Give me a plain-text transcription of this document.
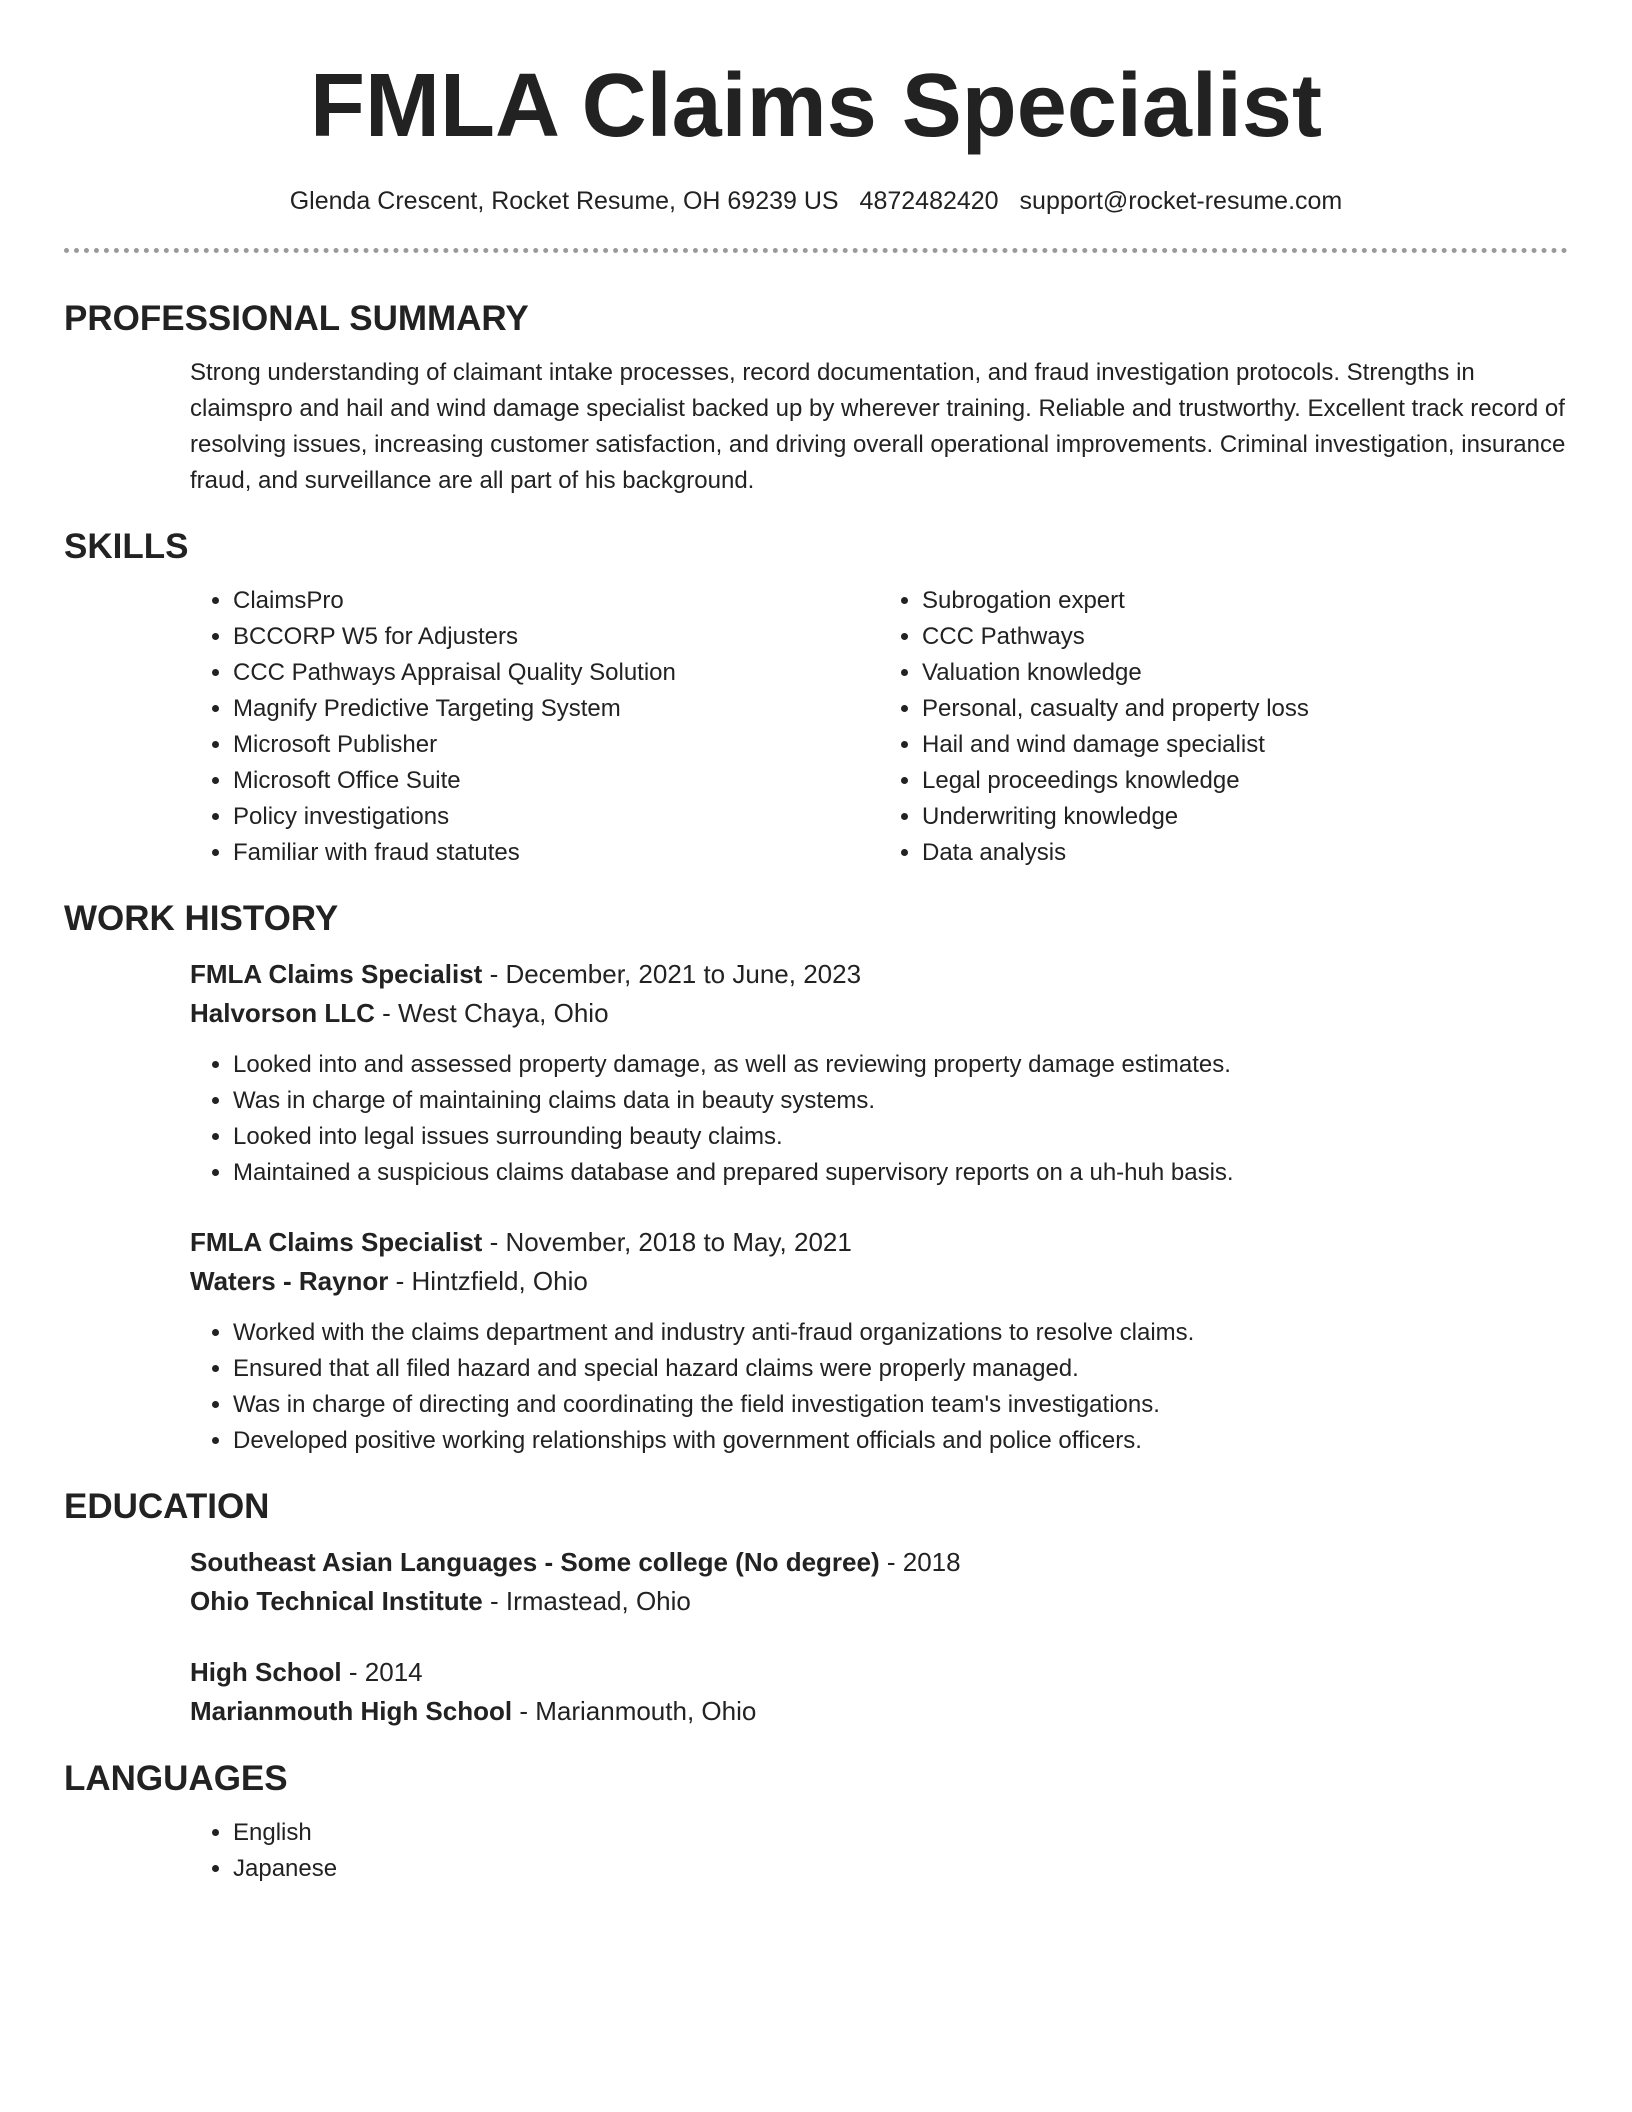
FMLA Claims Specialist
Glenda Crescent, Rocket Resume, OH 69239 US 4872482420 support@rocket-resume.com
PROFESSIONAL SUMMARY

Strong understanding of claimant intake processes, record documentation, and fraud investigation protocols. Strengths in claimspro and hail and wind damage specialist backed up by wherever training. Reliable and trustworthy. Excellent track record of resolving issues, increasing customer satisfaction, and driving overall operational improvements. Criminal investigation, insurance fraud, and surveillance are all part of his background.

SKILLS
• ClaimsPro
• BCCORP W5 for Adjusters
• CCC Pathways Appraisal Quality Solution
• Magnify Predictive Targeting System
• Microsoft Publisher
• Microsoft Office Suite
• Policy investigations
• Familiar with fraud statutes
• Subrogation expert
• CCC Pathways
• Valuation knowledge
• Personal, casualty and property loss
• Hail and wind damage specialist
• Legal proceedings knowledge
• Underwriting knowledge
• Data analysis
WORK HISTORY
FMLA Claims Specialist - December, 2021 to June, 2023
Halvorson LLC - West Chaya, Ohio
• Looked into and assessed property damage, as well as reviewing property damage estimates.
• Was in charge of maintaining claims data in beauty systems.
• Looked into legal issues surrounding beauty claims.
• Maintained a suspicious claims database and prepared supervisory reports on a uh-huh basis.
FMLA Claims Specialist - November, 2018 to May, 2021
Waters - Raynor - Hintzfield, Ohio
• Worked with the claims department and industry anti-fraud organizations to resolve claims.
• Ensured that all filed hazard and special hazard claims were properly managed.
• Was in charge of directing and coordinating the field investigation team's investigations.
• Developed positive working relationships with government officials and police officers.
EDUCATION
Southeast Asian Languages - Some college (No degree) - 2018
Ohio Technical Institute - Irmastead, Ohio
High School - 2014
Marianmouth High School - Marianmouth, Ohio
LANGUAGES
• English
• Japanese
